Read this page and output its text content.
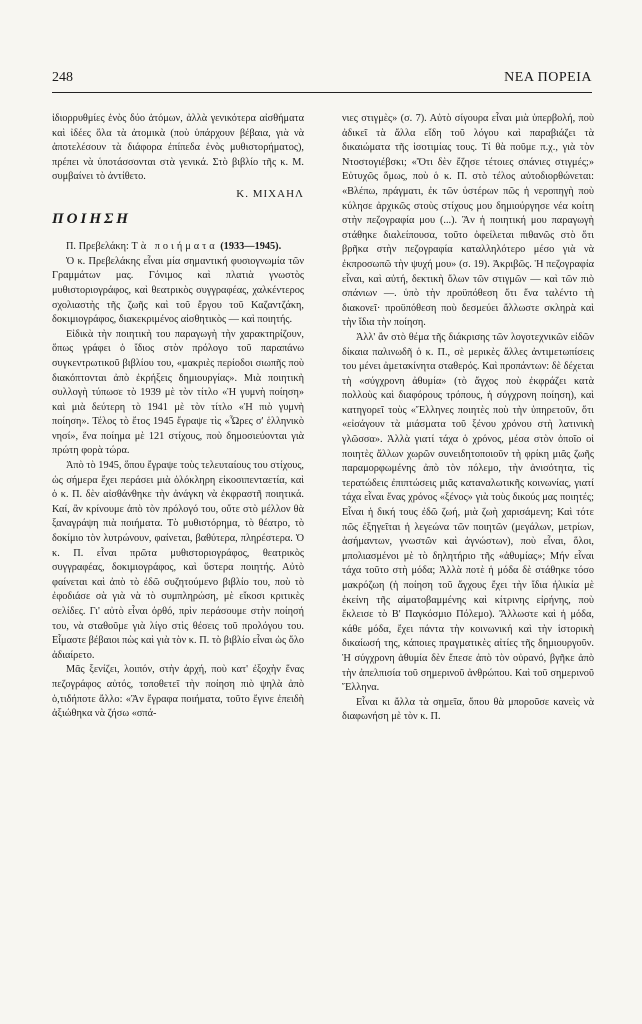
248	ΝΕΑ ΠΟΡΕΙΑ

ἰδιορρυθμίες ἑνὸς δύο ἀτόμων, ἀλλὰ γενικότερα αἰσθήματα καὶ ἰδέες ὅλα τὰ ἀτομικὰ (ποὺ ὑπάρχουν βέβαια, γιὰ νὰ ἀποτελέσουν τὰ διάφορα ἐπίπεδα ἑνὸς μυθιστορήματος), πρέπει νὰ ὑποτάσσονται στὰ γενικά. Στὸ βιβλίο τῆς κ. Μ. συμβαίνει τὸ ἀντίθετο.

Κ. ΜΙΧΑΗΛ
ΠΟΙΗΣΗ

Π. Πρεβελάκη: Τὰ ποιήματα (1933—1945).

Ὁ κ. Πρεβελάκης εἶναι μία σημαντική φυσιογνωμία τῶν Γραμμάτων μας. Γόνιμος καὶ πλατιὰ γνωστὸς μυθιστοριογράφος, καὶ θεατρικὸς συγγραφέας, χαλκέντερος σχολιαστὴς τῆς ζωῆς καὶ τοῦ ἔργου τοῦ Καζαντζάκη, δοκιμιογράφος, διακεκριμένος αἰσθητικὸς — καὶ ποιητής.

Εἰδικὰ τὴν ποιητικὴ του παραγωγὴ τὴν χαρακτηρίζουν, ὅπως γράφει ὁ ἴδιος στὸν πρόλογο τοῦ παραπάνω συγκεντρωτικοῦ βιβλίου του, «μακριὲς περίοδοι σιωπῆς ποὺ διακόπτονται ἀπὸ ἐκρήξεις δημιουργίας». Μιὰ ποιητικὴ συλλογὴ τύπωσε τὸ 1939 μὲ τὸν τίτλο «Ἡ γυμνὴ ποίηση» καὶ μιὰ δεύτερη τὸ 1941 μὲ τὸν τίτλο «Ἡ πιὸ γυμνὴ ποίηση». Τέλος τὸ ἔτος 1945 ἔγραψε τὶς «Ὧρες σ' ἑλληνικὸ νησί», ἕνα ποίημα μὲ 121 στίχους, ποὺ δημοσιεύονται γιὰ πρώτη φορὰ τώρα.

Ἀπὸ τὸ 1945, ὅπου ἔγραψε τοὺς τελευταίους του στίχους, ὡς σήμερα ἔχει περάσει μιὰ ὁλόκληρη εἰκοσιπενταετία, καὶ ὁ κ. Π. δὲν αἰσθάνθηκε τὴν ἀνάγκη νὰ ἐκφραστῆ ποιητικά. Καί, ἂν κρίνουμε ἀπὸ τὸν πρόλογό του, οὔτε στὸ μέλλον θὰ ξαναγράψη πιὰ ποιήματα. Τὸ μυθιστόρημα, τὸ θέατρο, τὸ δοκίμιο τὸν λυτρώνουν, φαίνεται, βαθύτερα, πληρέστερα. Ὁ κ. Π. εἶναι πρῶτα μυθιστοριογράφος, θεατρικὸς συγγραφέας, δοκιμιογράφος, καὶ ὕστερα ποιητής. Αὐτὸ φαίνεται καὶ ἀπὸ τὸ ἐδῶ συζητούμενο βιβλίο του, ποὺ τὸ ἐφοδιάσε σὰ γιὰ νὰ τὸ συμπληρώση, μὲ εἴκοσι κριτικὲς σελίδες. Γι' αὐτὸ εἶναι ὀρθό, πρὶν περάσουμε στὴν ποίησή του, νὰ σταθοῦμε γιὰ λίγο στὶς θέσεις τοῦ προλόγου του. Εἶμαστε βέβαιοι πὼς καὶ γιὰ τὸν κ. Π. τὸ βιβλίο εἶναι ὡς ὅλο ἀδιαίρετο.

Μᾶς ξενίζει, λοιπόν, στὴν ἀρχή, ποὺ κατ' ἐξοχὴν ἕνας πεζογράφος αὐτός, τοποθετεῖ τὴν ποίηση πιὸ ψηλὰ ἀπὸ ὁ,τιδήποτε ἄλλο: «Ἂν ἔγραφα ποιήματα, τοῦτο ἔγινε ἐπειδὴ ἀξιώθηκα νὰ ζήσω «σπά-

νιες στιγμὲς» (σ. 7). Αὐτὸ σίγουρα εἶναι μιὰ ὑπερβολή, ποὺ ἀδικεῖ τὰ ἄλλα εἴδη τοῦ λόγου καὶ παραβιάζει τὰ δικαιώματα τῆς ἰσοτιμίας τους. Τί θὰ ποῦμε π.χ., γιὰ τὸν Ντοστογιέβσκι; «Ὅτι δὲν ἔζησε τέτοιες σπάνιες στιγμές;» Εὐτυχῶς ὅμως, ποὺ ὁ κ. Π. στὸ τέλος αὐτοδιορθώνεται: «Βλέπω, πράγματι, ἐκ τῶν ὑστέρων πῶς ἡ νεροπηγὴ ποὺ κύλησε ἀρχικῶς στοὺς στίχους μου δημιούργησε νέα κοίτη στὴν πεζογραφία μου (...). Ἂν ἡ ποιητική μου παραγωγὴ στάθηκε διαλείπουσα, τοῦτο ὀφείλεται πιθανῶς στὸ ὅτι βρῆκα στὴν πεζογραφία καταλληλότερο μέσο γιὰ νὰ ἐκπροσωπῶ τὴν ψυχή μου» (σ. 19). Ἀκριβῶς. Ἡ πεζογραφία εἶναι, καὶ αὐτή, δεκτικὴ ὅλων τῶν στιγμῶν — καὶ τῶν πιὸ σπάνιων —. ὑπὸ τὴν προϋπόθεση ὅτι ἕνα ταλέντο τὴ διακονεῖ· προϋπόθεση ποὺ δεσμεύει ἄλλωστε σκληρὰ καὶ τὴν ἴδια τὴν ποίηση.

Ἀλλ' ἂν στὸ θέμα τῆς διάκρισης τῶν λογοτεχνικῶν εἰδῶν δίκαια παλινωδῆ ὁ κ. Π., σὲ μερικὲς ἄλλες ἀντιμετωπίσεις του μένει ἀμετακίνητα σταθερός. Καὶ προπάντων: δὲ δέχεται τὴ «σύγχρονη ἀθυμία» (τὸ ἄγχος ποὺ ἐκφράζει κατὰ πολλοὺς καὶ διαφόρους τρόπους, ἡ σύγχρονη ποίηση), καὶ κατηγορεῖ τοὺς «Ἕλληνες ποιητὲς ποὺ τὴν ὑπηρετοῦν, ὅτι «εἰσάγουν τὰ μιάσματα τοῦ ξένου χρόνου στὴ λατινικὴ γλῶσσα». Ἀλλὰ γιατί τάχα ὁ χρόνος, μέσα στὸν ὁποῖο οἱ ποιητὲς ἄλλων χωρῶν συνειδητοποιοῦν τὴ φρίκη μιᾶς ζωῆς παραμορφωμένης ἀπὸ τὸν πόλεμο, τὴν ἀνισότητα, τὶς τερατώδεις ἐπιπτώσεις μιᾶς καταναλωτικῆς κοινωνίας, γιατί τάχα εἶναι ἕνας χρόνος «ξένος» γιὰ τοὺς δικούς μας ποιητές; Εἶναι ἡ δική τους ἐδῶ ζωή, μιὰ ζωὴ χαρισάμενη; Καὶ τότε πῶς ἐξηγεῖται ἡ λεγεώνα τῶν ποιητῶν (μεγάλων, μετρίων, ἀσήμαντων, γνωστῶν καὶ ἀγνώστων), ποὺ εἶναι, ὅλοι, μπολιασμένοι μὲ τὸ δηλητήριο τῆς «ἀθυμίας»; Μήν εἶναι τάχα τοῦτο στὴ μόδα; Ἀλλὰ ποτὲ ἡ μόδα δὲ στάθηκε τόσο μακρόζωη (ἡ ποίηση τοῦ ἄγχους ἔχει τὴν ἴδια ἡλικία μὲ ἐκείνη τῆς αἱματοβαμμένης καὶ κίτρινης εἰρήνης, ποὺ ἔκλεισε τὸ Β' Παγκόσμιο Πόλεμο). Ἄλλωστε καὶ ἡ μόδα, κάθε μόδα, ἔχει πάντα τὴν κοινωνική καὶ τὴν ἱστορικὴ δικαίωσή της, κάποιες πραγματικὲς αἰτίες τῆς δημιουργοῦν. Ἡ σύγχρονη ἀθυμία δὲν ἔπεσε ἀπὸ τὸν οὐρανό, βγῆκε ἀπὸ τὴν ἀπελπισία τοῦ σημερινοῦ ἀνθρώπου. Καὶ τοῦ σημερινοῦ Ἕλληνα.

Εἶναι κι ἄλλα τὰ σημεῖα, ὅπου θὰ μποροῦσε κανεὶς νὰ διαφωνήση μὲ τὸν κ. Π.
